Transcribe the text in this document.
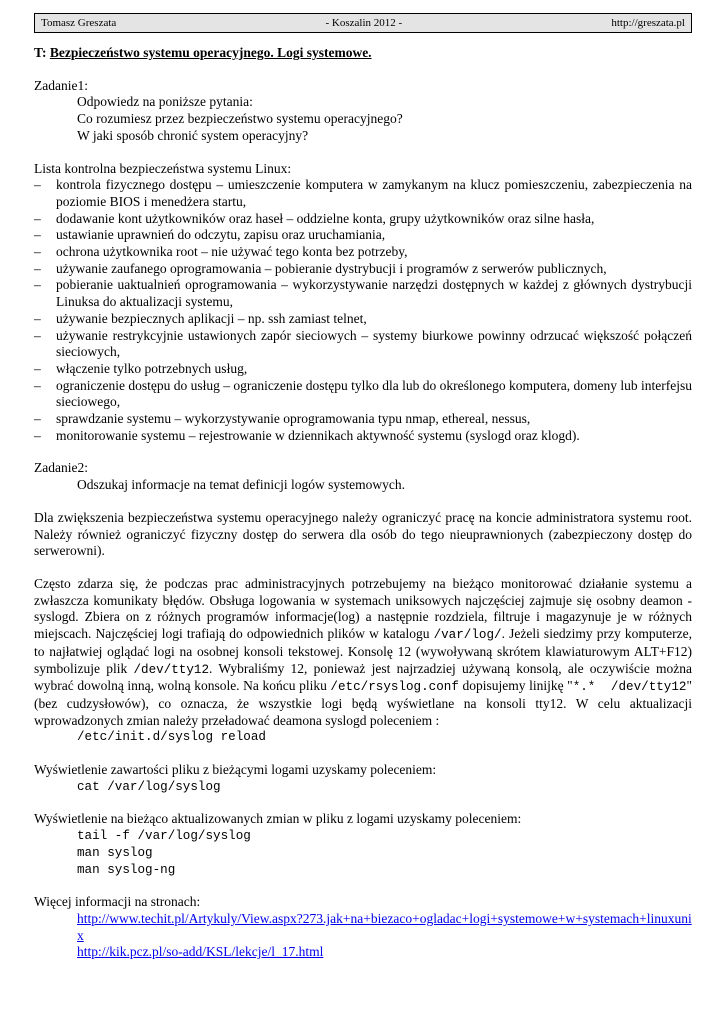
Tomasz Greszata	- Koszalin 2012 -	http://greszata.pl
T: Bezpieczeństwo systemu operacyjnego. Logi systemowe.
Zadanie1:
Odpowiedz na poniższe pytania:
Co rozumiesz przez bezpieczeństwo systemu operacyjnego?
W jaki sposób chronić system operacyjny?
Lista kontrolna bezpieczeństwa systemu Linux:
– kontrola fizycznego dostępu – umieszczenie komputera w zamykanym na klucz pomieszczeniu, zabezpieczenia na poziomie BIOS i menedżera startu,
– dodawanie kont użytkowników oraz haseł – oddzielne konta, grupy użytkowników oraz silne hasła,
– ustawianie uprawnień do odczytu, zapisu oraz uruchamiania,
– ochrona użytkownika root – nie używać tego konta bez potrzeby,
– używanie zaufanego oprogramowania – pobieranie dystrybucji i programów z serwerów publicznych,
– pobieranie uaktualnień oprogramowania – wykorzystywanie narzędzi dostępnych w każdej z głównych dystrybucji Linuksa do aktualizacji systemu,
– używanie bezpiecznych aplikacji – np. ssh zamiast telnet,
– używanie restrykcyjnie ustawionych zapór sieciowych – systemy biurkowe powinny odrzucać większość połączeń sieciowych,
– włączenie tylko potrzebnych usług,
– ograniczenie dostępu do usług – ograniczenie dostępu tylko dla lub do określonego komputera, domeny lub interfejsu sieciowego,
– sprawdzanie systemu – wykorzystywanie oprogramowania typu nmap, ethereal, nessus,
– monitorowanie systemu – rejestrowanie w dziennikach aktywność systemu (syslogd oraz klogd).
Zadanie2:
Odszukaj informacje na temat definicji logów systemowych.
Dla zwiększenia bezpieczeństwa systemu operacyjnego należy ograniczyć pracę na koncie administratora systemu root. Należy również ograniczyć fizyczny dostęp do serwera dla osób do tego nieuprawnionych (zabezpieczony dostęp do serwerowni).
Często zdarza się, że podczas prac administracyjnych potrzebujemy na bieżąco monitorować działanie systemu a zwłaszcza komunikaty błędów. Obsługa logowania w systemach uniksowych najczęściej zajmuje się osobny deamon - syslogd. Zbiera on z różnych programów informacje(log) a następnie rozdziela, filtruje i magazynuje je w różnych miejscach. Najczęściej logi trafiają do odpowiednich plików w katalogu /var/log/. Jeżeli siedzimy przy komputerze, to najłatwiej oglądać logi na osobnej konsoli tekstowej. Konsolę 12 (wywoływaną skrótem klawiaturowym ALT+F12) symbolizuje plik /dev/tty12. Wybraliśmy 12, ponieważ jest najrzadziej używaną konsolą, ale oczywiście można wybrać dowolną inną, wolną konsole. Na końcu pliku /etc/rsyslog.conf dopisujemy linijkę "*.*  /dev/tty12" (bez cudzysłowów), co oznacza, że wszystkie logi będą wyświetlane na konsoli tty12. W celu aktualizacji wprowadzonych zmian należy przeładować deamona syslogd poleceniem :
/etc/init.d/syslog reload
Wyświetlenie zawartości pliku z bieżącymi logami uzyskamy poleceniem:
cat /var/log/syslog
Wyświetlenie na bieżąco aktualizowanych zmian w pliku z logami uzyskamy poleceniem:
tail -f /var/log/syslog
man syslog
man syslog-ng
Więcej informacji na stronach:
http://www.techit.pl/Artykuly/View.aspx?273.jak+na+biezaco+ogladac+logi+systemowe+w+systemach+linuxunix
http://kik.pcz.pl/so-add/KSL/lekcje/l_17.html
